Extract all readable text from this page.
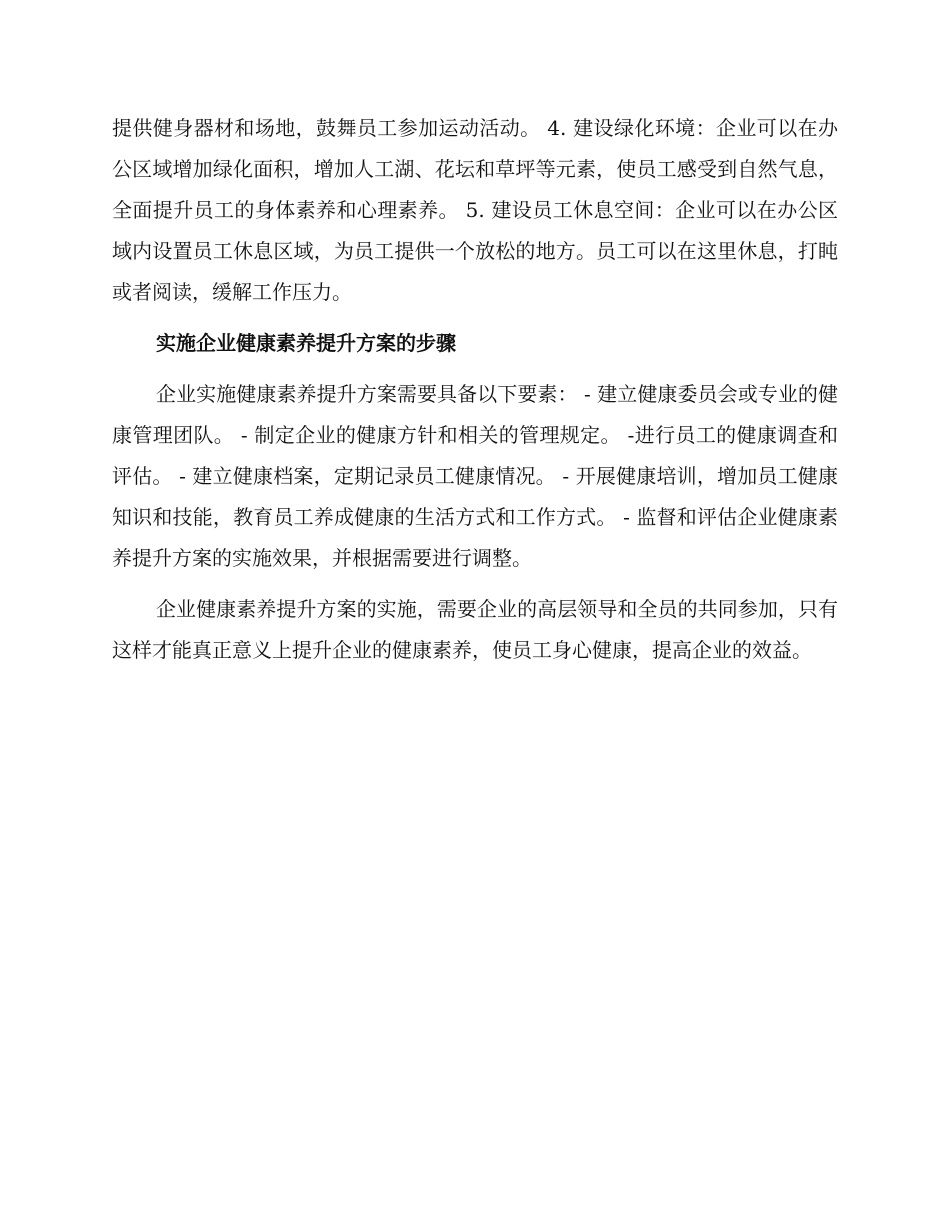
提供健身器材和场地，鼓舞员工参加运动活动。 4. 建设绿化环境：企业可以在办公区域增加绿化面积，增加人工湖、花坛和草坪等元素，使员工感受到自然气息，全面提升员工的身体素养和心理素养。 5. 建设员工休息空间：企业可以在办公区域内设置员工休息区域，为员工提供一个放松的地方。员工可以在这里休息，打盹或者阅读，缓解工作压力。

实施企业健康素养提升方案的步骤

企业实施健康素养提升方案需要具备以下要素： - 建立健康委员会或专业的健康管理团队。 - 制定企业的健康方针和相关的管理规定。 -进行员工的健康调查和评估。 - 建立健康档案，定期记录员工健康情况。 - 开展健康培训，增加员工健康知识和技能，教育员工养成健康的生活方式和工作方式。 - 监督和评估企业健康素养提升方案的实施效果，并根据需要进行调整。

企业健康素养提升方案的实施，需要企业的高层领导和全员的共同参加，只有这样才能真正意义上提升企业的健康素养，使员工身心健康，提高企业的效益。
